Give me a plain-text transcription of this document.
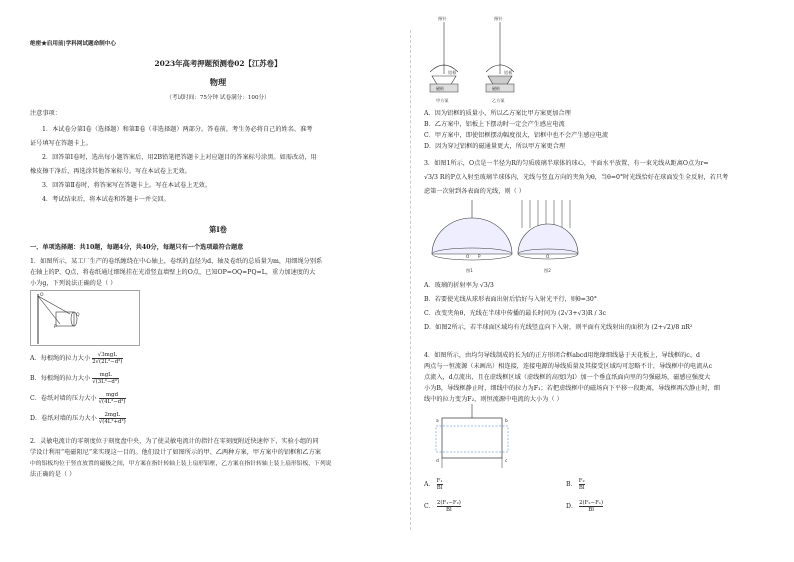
绝密★启用前|学科网试题命制中心
2023年高考押题预测卷02【江苏卷】
物理
（考试时间：75分钟 试卷满分：100分）
注意事项：
1．本试卷分第Ⅰ卷（选择题）和第Ⅱ卷（非选择题）两部分。答卷前，考生务必将自己的姓名、准考
证号填写在答题卡上。
2．回答第Ⅰ卷时，选出每小题答案后，用2B铅笔把答题卡上对应题目的答案标号涂黑。如需改动，用
橡皮擦干净后，再选涂其他答案标号。写在本试卷上无效。
3．回答第Ⅱ卷时，将答案写在答题卡上。写在本试卷上无效。
4．考试结束后，将本试卷和答题卡一并交回。
第Ⅰ卷
一、单项选择题：共10题，每题4分，共40分，每题只有一个选项最符合题意
1．如图所示，某工厂生产的卷纸缠绕在中心轴上，卷纸的直径为d，轴及卷纸的总质量为m，用细绳分别系
在轴上的P、Q点，将卷纸通过细绳挂在光滑竖直墙壁上的O点，已知OP=OQ=PQ=L，重力加速度的大
小为g，下列说法正确的是（ ）
O
P
Q
A．每根绳的拉力大小	√3mgL
2√(2L²−d²)
B．每根绳的拉力大小	mgL
√(3L²−d²)
C．卷纸对墙的压力大小	mgd
√(4L²−d²)
D．卷纸对墙的压力大小	2mgL
√(4L²+d²)
2．灵敏电流计的零刻度位于刻度盘中央，为了使灵敏电流计的指针在零刻度附近快速停下，实验小组的同
学设计利用“电磁阻尼”来实现这一目的。他们设计了如图所示的甲、乙两种方案，甲方案中的铝框和乙方案
中的铝板均位于竖直放置的磁极之间，甲方案在指针转轴上装上扇形铝框，乙方案在指针转轴上装上扇形铝板，下列说
法正确的是（ ）
指针
铝框
磁极
甲方案
指针
铝板
磁极
乙方案
A．因为铝框的质量小，所以乙方案比甲方案更加合理
B．乙方案中，铝板上下摆动时一定会产生感应电流
C．甲方案中，即使铝框摆动幅度很大，铝框中也不会产生感应电流
D．因为穿过铝框的磁通量更大，所以甲方案更合理
3．如图1所示，O点是一半径为R的匀质玻璃半球体的球心，平面水平放置，有一束光线从距离O点为r=
√3/3 R的P点入射至玻璃半球体内，光线与竖直方向的夹角为θ，当θ=0°时光线恰好在球面发生全反射，若只考
虑第一次射到各表面的光线，则（ ）
O P
图1
O
图2
A．玻璃的折射率为 √3/3
B．若要使光线从球形表面出射后恰好与入射光平行，则θ=30°
C．改变夹角θ，光线在半球中传播的最长时间为 (2√3+√3)R / 3c
D．如图2所示，若半球面区域均有光线竖直向下入射，则平面有光线射出的面积为 (2+√2)/8 πR²
4．如图所示，由均匀导线制成的长为l的正方形闭合框abcd用绝缘细线悬于天花板上，导线框的c、d
两点与一恒流源（未画出）相连接，连接电源的导线质量及其接受区域均可忽略不计，导线框中的电流从c
点流入，d点流出，且在虚线框区域（虚线框的高度l为l）加一个垂直纸面向里的匀强磁场，磁感应强度大
小为B，导线框静止时，细线中的拉力为F₁；若把虚线框中的磁场向下平移一段距离，导线框再次静止时，细
线中的拉力变为F₂，则恒流源中电流的大小为（ ）
a	b
d	c
A． $\frac{\text{F₁}}{Bl}$	B． $\frac{\text{F₂}}{Bl}$
C． $\frac{\text{2(F₁−F₂)}}{Bl}$	D． $\frac{\text{2(F₂−F₁)}}{Bl}$
